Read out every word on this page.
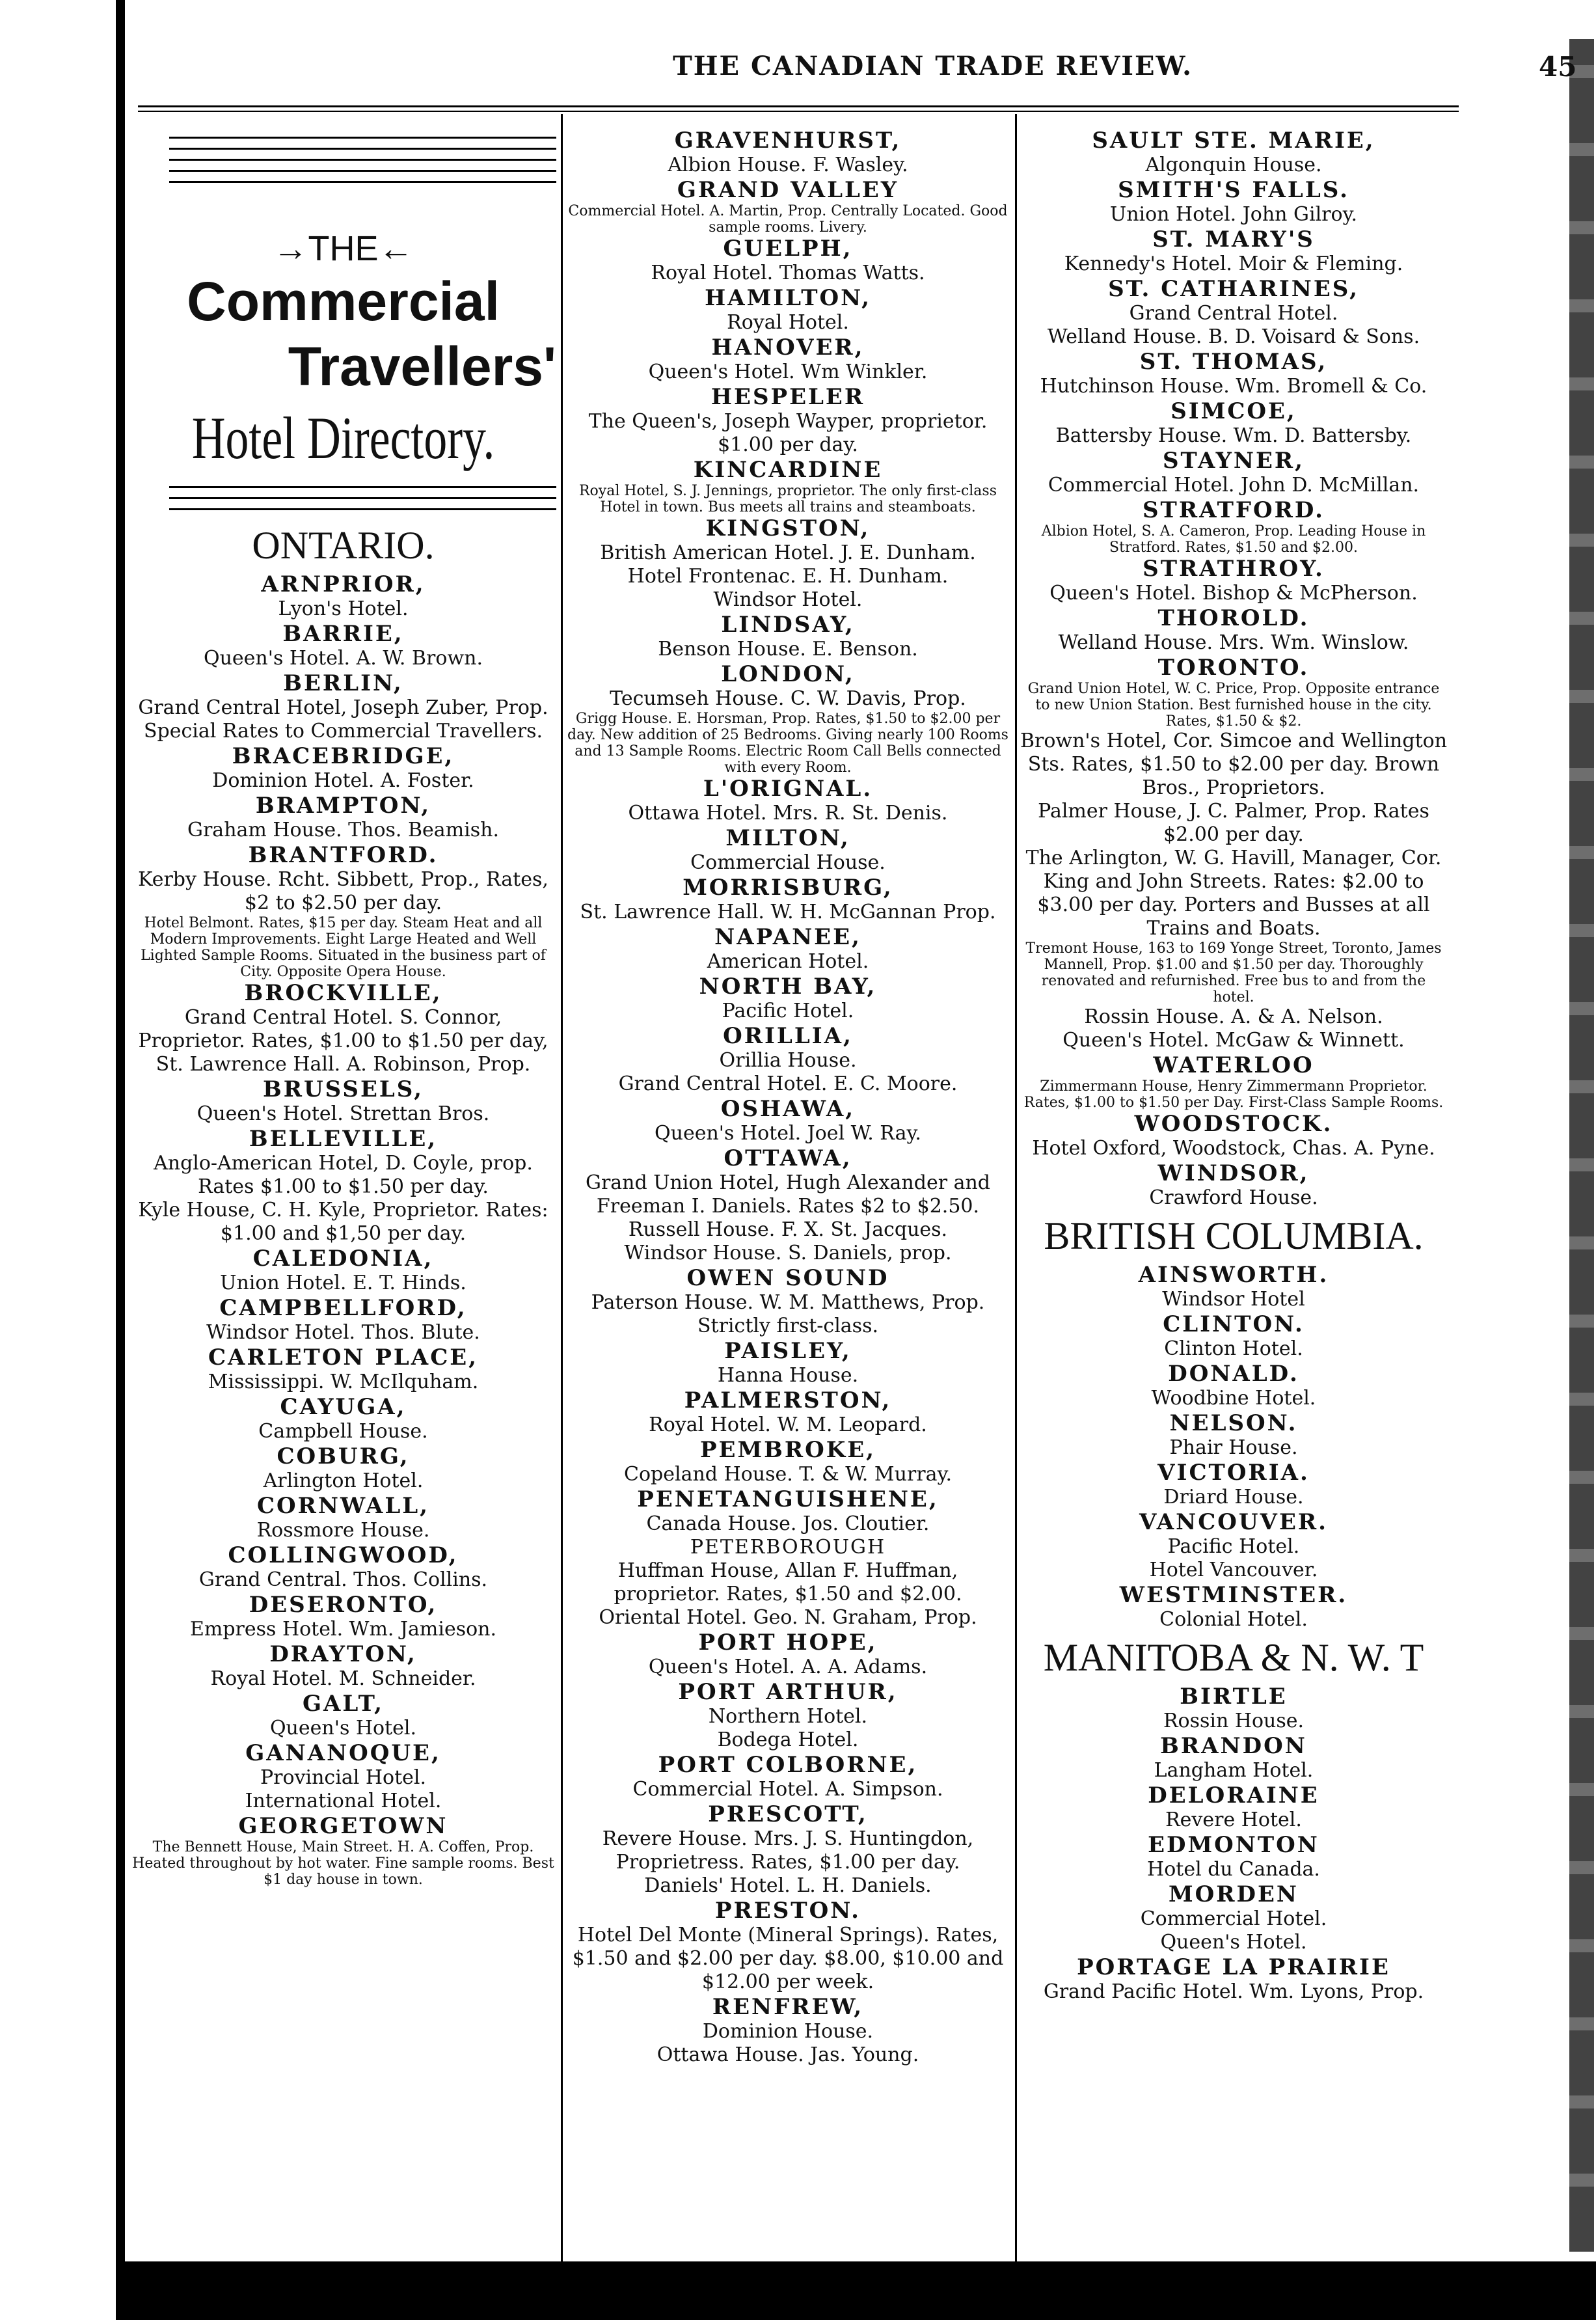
THE CANADIAN TRADE REVIEW.	45
→THE←
Commercial
Travellers'
Hotel Directory.

ONTARIO.

ARNPRIOR,

Lyon's Hotel.

BARRIE,

Queen's Hotel. A. W. Brown.

BERLIN,

Grand Central Hotel, Joseph Zuber, Prop.

Special Rates to Commercial Travellers.

BRACEBRIDGE,

Dominion Hotel. A. Foster.

BRAMPTON,

Graham House. Thos. Beamish.

BRANTFORD.

Kerby House. Rcht. Sibbett, Prop., Rates,

$2 to $2.50 per day.

Hotel Belmont. Rates, $15 per day. Steam Heat and all Modern Improvements. Eight Large Heated and Well Lighted Sample Rooms. Situated in the business part of City. Opposite Opera House.

BROCKVILLE,

Grand Central Hotel. S. Connor, Proprietor. Rates, $1.00 to $1.50 per day,

St. Lawrence Hall. A. Robinson, Prop.

BRUSSELS,

Queen's Hotel. Strettan Bros.

BELLEVILLE,

Anglo-American Hotel, D. Coyle, prop. Rates $1.00 to $1.50 per day.

Kyle House, C. H. Kyle, Proprietor. Rates: $1.00 and $1,50 per day.

CALEDONIA,

Union Hotel. E. T. Hinds.

CAMPBELLFORD,

Windsor Hotel. Thos. Blute.

CARLETON PLACE,

Mississippi. W. McIlquham.

CAYUGA,

Campbell House.

COBURG,

Arlington Hotel.

CORNWALL,

Rossmore House.

COLLINGWOOD,

Grand Central. Thos. Collins.

DESERONTO,

Empress Hotel. Wm. Jamieson.

DRAYTON,

Royal Hotel. M. Schneider.

GALT,

Queen's Hotel.

GANANOQUE,

Provincial Hotel.

International Hotel.

GEORGETOWN

The Bennett House, Main Street. H. A. Coffen, Prop. Heated throughout by hot water. Fine sample rooms. Best $1 day house in town.

GRAVENHURST,

Albion House. F. Wasley.

GRAND VALLEY

Commercial Hotel. A. Martin, Prop. Centrally Located. Good sample rooms. Livery.

GUELPH,

Royal Hotel. Thomas Watts.

HAMILTON,

Royal Hotel.

HANOVER,

Queen's Hotel. Wm Winkler.

HESPELER

The Queen's, Joseph Wayper, proprietor. $1.00 per day.

KINCARDINE

Royal Hotel, S. J. Jennings, proprietor. The only first-class Hotel in town. Bus meets all trains and steamboats.

KINGSTON,

British American Hotel. J. E. Dunham.

Hotel Frontenac. E. H. Dunham.

Windsor Hotel.

LINDSAY,

Benson House. E. Benson.

LONDON,

Tecumseh House. C. W. Davis, Prop.

Grigg House. E. Horsman, Prop. Rates, $1.50 to $2.00 per day. New addition of 25 Bedrooms. Giving nearly 100 Rooms and 13 Sample Rooms. Electric Room Call Bells connected with every Room.

L'ORIGNAL.

Ottawa Hotel. Mrs. R. St. Denis.

MILTON,

Commercial House.

MORRISBURG,

St. Lawrence Hall. W. H. McGannan Prop.

NAPANEE,

American Hotel.

NORTH BAY,

Pacific Hotel.

ORILLIA,

Orillia House.

Grand Central Hotel. E. C. Moore.

OSHAWA,

Queen's Hotel. Joel W. Ray.

OTTAWA,

Grand Union Hotel, Hugh Alexander and Freeman I. Daniels. Rates $2 to $2.50.

Russell House. F. X. St. Jacques.

Windsor House. S. Daniels, prop.

OWEN SOUND

Paterson House. W. M. Matthews, Prop. Strictly first-class.

PAISLEY,

Hanna House.

PALMERSTON,

Royal Hotel. W. M. Leopard.

PEMBROKE,

Copeland House. T. & W. Murray.

PENETANGUISHENE,

Canada House. Jos. Cloutier.

PETERBOROUGH

Huffman House, Allan F. Huffman, proprietor. Rates, $1.50 and $2.00.

Oriental Hotel. Geo. N. Graham, Prop.

PORT HOPE,

Queen's Hotel. A. A. Adams.

PORT ARTHUR,

Northern Hotel.

Bodega Hotel.

PORT COLBORNE,

Commercial Hotel. A. Simpson.

PRESCOTT,

Revere House. Mrs. J. S. Huntingdon, Proprietress. Rates, $1.00 per day.

Daniels' Hotel. L. H. Daniels.

PRESTON.

Hotel Del Monte (Mineral Springs). Rates, $1.50 and $2.00 per day. $8.00, $10.00 and $12.00 per week.

RENFREW,

Dominion House.

Ottawa House. Jas. Young.

SAULT STE. MARIE,

Algonquin House.

SMITH'S FALLS.

Union Hotel. John Gilroy.

ST. MARY'S

Kennedy's Hotel. Moir & Fleming.

ST. CATHARINES,

Grand Central Hotel.

Welland House. B. D. Voisard & Sons.

ST. THOMAS,

Hutchinson House. Wm. Bromell & Co.

SIMCOE,

Battersby House. Wm. D. Battersby.

STAYNER,

Commercial Hotel. John D. McMillan.

STRATFORD.

Albion Hotel, S. A. Cameron, Prop. Leading House in Stratford. Rates, $1.50 and $2.00.

STRATHROY.

Queen's Hotel. Bishop & McPherson.

THOROLD.

Welland House. Mrs. Wm. Winslow.

TORONTO.

Grand Union Hotel, W. C. Price, Prop. Opposite entrance to new Union Station. Best furnished house in the city. Rates, $1.50 & $2.

Brown's Hotel, Cor. Simcoe and Wellington Sts. Rates, $1.50 to $2.00 per day. Brown Bros., Proprietors.

Palmer House, J. C. Palmer, Prop. Rates $2.00 per day.

The Arlington, W. G. Havill, Manager, Cor. King and John Streets. Rates: $2.00 to $3.00 per day. Porters and Busses at all Trains and Boats.

Tremont House, 163 to 169 Yonge Street, Toronto, James Mannell, Prop. $1.00 and $1.50 per day. Thoroughly renovated and refurnished. Free bus to and from the hotel.

Rossin House. A. & A. Nelson.

Queen's Hotel. McGaw & Winnett.

WATERLOO

Zimmermann House, Henry Zimmermann Proprietor. Rates, $1.00 to $1.50 per Day. First-Class Sample Rooms.

WOODSTOCK.

Hotel Oxford, Woodstock, Chas. A. Pyne.

WINDSOR,

Crawford House.

BRITISH COLUMBIA.

AINSWORTH.

Windsor Hotel

CLINTON.

Clinton Hotel.

DONALD.

Woodbine Hotel.

NELSON.

Phair House.

VICTORIA.

Driard House.

VANCOUVER.

Pacific Hotel.

Hotel Vancouver.

WESTMINSTER.

Colonial Hotel.

MANITOBA & N. W. T

BIRTLE

Rossin House.

BRANDON

Langham Hotel.

DELORAINE

Revere Hotel.

EDMONTON

Hotel du Canada.

MORDEN

Commercial Hotel.

Queen's Hotel.

PORTAGE LA PRAIRIE

Grand Pacific Hotel. Wm. Lyons, Prop.
